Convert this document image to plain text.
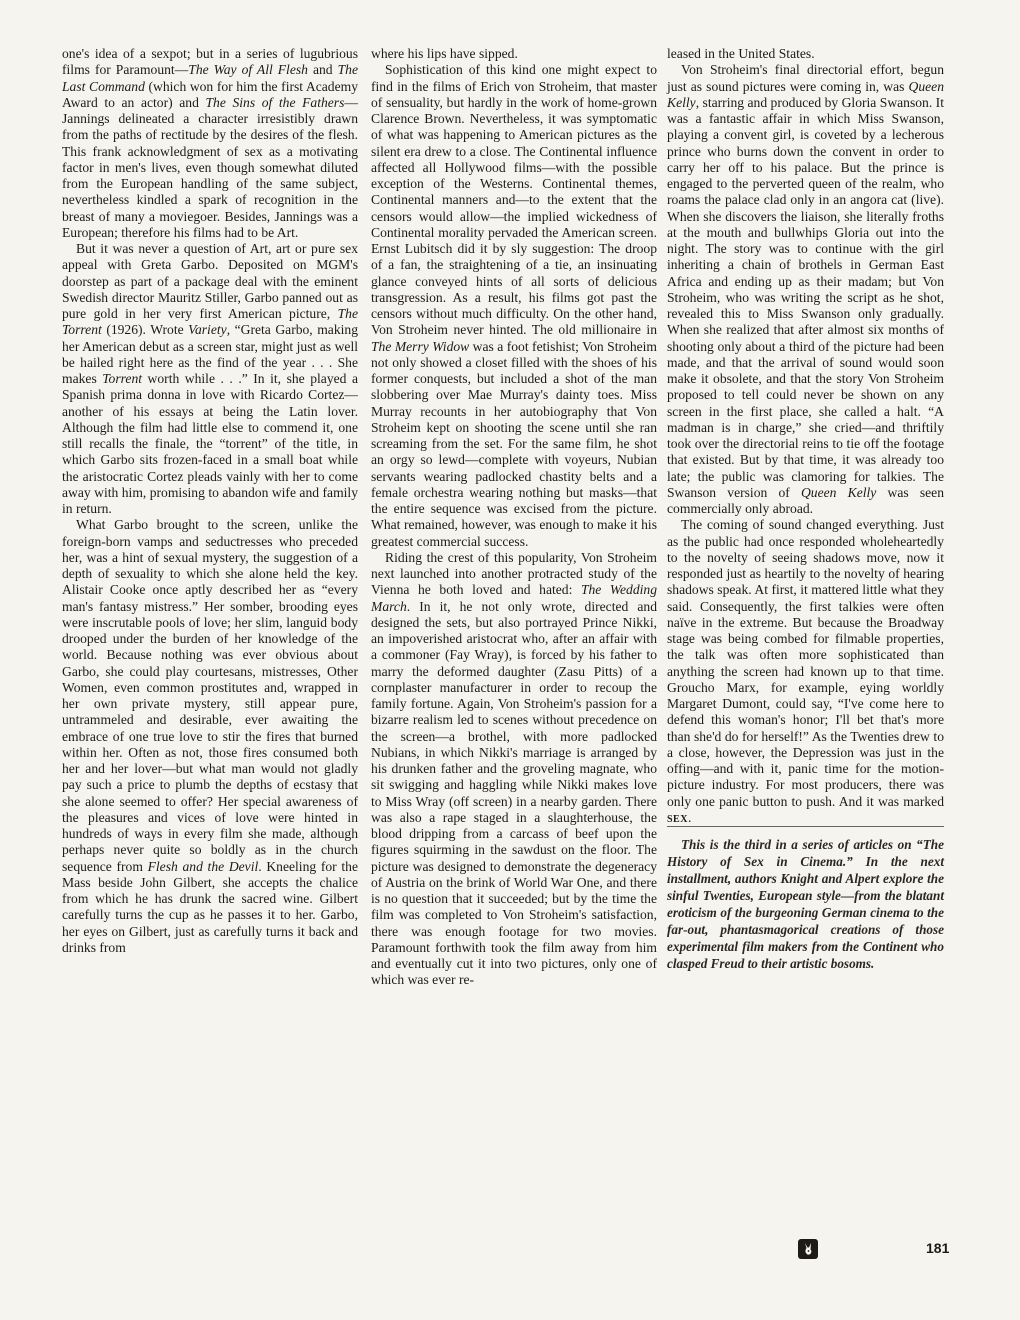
one's idea of a sexpot; but in a series of lugubrious films for Paramount—The Way of All Flesh and The Last Command (which won for him the first Academy Award to an actor) and The Sins of the Fathers—Jannings delineated a character irresistibly drawn from the paths of rectitude by the desires of the flesh. This frank acknowledgment of sex as a motivating factor in men's lives, even though somewhat diluted from the European handling of the same subject, nevertheless kindled a spark of recognition in the breast of many a moviegoer. Besides, Jannings was a European; therefore his films had to be Art.

But it was never a question of Art, art or pure sex appeal with Greta Garbo. Deposited on MGM's doorstep as part of a package deal with the eminent Swedish director Mauritz Stiller, Garbo panned out as pure gold in her very first American picture, The Torrent (1926). Wrote Variety, “Greta Garbo, making her American debut as a screen star, might just as well be hailed right here as the find of the year . . . She makes Torrent worth while . . .” In it, she played a Spanish prima donna in love with Ricardo Cortez—another of his essays at being the Latin lover. Although the film had little else to commend it, one still recalls the finale, the “torrent” of the title, in which Garbo sits frozen-faced in a small boat while the aristocratic Cortez pleads vainly with her to come away with him, promising to abandon wife and family in return.

What Garbo brought to the screen, unlike the foreign-born vamps and seductresses who preceded her, was a hint of sexual mystery, the suggestion of a depth of sexuality to which she alone held the key. Alistair Cooke once aptly described her as “every man's fantasy mistress.” Her somber, brooding eyes were inscrutable pools of love; her slim, languid body drooped under the burden of her knowledge of the world. Because nothing was ever obvious about Garbo, she could play courtesans, mistresses, Other Women, even common prostitutes and, wrapped in her own private mystery, still appear pure, untrammeled and desirable, ever awaiting the embrace of one true love to stir the fires that burned within her. Often as not, those fires consumed both her and her lover—but what man would not gladly pay such a price to plumb the depths of ecstasy that she alone seemed to offer? Her special awareness of the pleasures and vices of love were hinted in hundreds of ways in every film she made, although perhaps never quite so boldly as in the church sequence from Flesh and the Devil. Kneeling for the Mass beside John Gilbert, she accepts the chalice from which he has drunk the sacred wine. Gilbert carefully turns the cup as he passes it to her. Garbo, her eyes on Gilbert, just as carefully turns it back and drinks from

where his lips have sipped.

Sophistication of this kind one might expect to find in the films of Erich von Stroheim, that master of sensuality, but hardly in the work of home-grown Clarence Brown. Nevertheless, it was symptomatic of what was happening to American pictures as the silent era drew to a close. The Continental influence affected all Hollywood films—with the possible exception of the Westerns. Continental themes, Continental manners and—to the extent that the censors would allow—the implied wickedness of Continental morality pervaded the American screen. Ernst Lubitsch did it by sly suggestion: The droop of a fan, the straightening of a tie, an insinuating glance conveyed hints of all sorts of delicious transgression. As a result, his films got past the censors without much difficulty. On the other hand, Von Stroheim never hinted. The old millionaire in The Merry Widow was a foot fetishist; Von Stroheim not only showed a closet filled with the shoes of his former conquests, but included a shot of the man slobbering over Mae Murray's dainty toes. Miss Murray recounts in her autobiography that Von Stroheim kept on shooting the scene until she ran screaming from the set. For the same film, he shot an orgy so lewd—complete with voyeurs, Nubian servants wearing padlocked chastity belts and a female orchestra wearing nothing but masks—that the entire sequence was excised from the picture. What remained, however, was enough to make it his greatest commercial success.

Riding the crest of this popularity, Von Stroheim next launched into another protracted study of the Vienna he both loved and hated: The Wedding March. In it, he not only wrote, directed and designed the sets, but also portrayed Prince Nikki, an impoverished aristocrat who, after an affair with a commoner (Fay Wray), is forced by his father to marry the deformed daughter (Zasu Pitts) of a cornplaster manufacturer in order to recoup the family fortune. Again, Von Stroheim's passion for a bizarre realism led to scenes without precedence on the screen—a brothel, with more padlocked Nubians, in which Nikki's marriage is arranged by his drunken father and the groveling magnate, who sit swigging and haggling while Nikki makes love to Miss Wray (off screen) in a nearby garden. There was also a rape staged in a slaughterhouse, the blood dripping from a carcass of beef upon the figures squirming in the sawdust on the floor. The picture was designed to demonstrate the degeneracy of Austria on the brink of World War One, and there is no question that it succeeded; but by the time the film was completed to Von Stroheim's satisfaction, there was enough footage for two movies. Paramount forthwith took the film away from him and eventually cut it into two pictures, only one of which was ever re-

leased in the United States.

Von Stroheim's final directorial effort, begun just as sound pictures were coming in, was Queen Kelly, starring and produced by Gloria Swanson. It was a fantastic affair in which Miss Swanson, playing a convent girl, is coveted by a lecherous prince who burns down the convent in order to carry her off to his palace. But the prince is engaged to the perverted queen of the realm, who roams the palace clad only in an angora cat (live). When she discovers the liaison, she literally froths at the mouth and bullwhips Gloria out into the night. The story was to continue with the girl inheriting a chain of brothels in German East Africa and ending up as their madam; but Von Stroheim, who was writing the script as he shot, revealed this to Miss Swanson only gradually. When she realized that after almost six months of shooting only about a third of the picture had been made, and that the arrival of sound would soon make it obsolete, and that the story Von Stroheim proposed to tell could never be shown on any screen in the first place, she called a halt. “A madman is in charge,” she cried—and thriftily took over the directorial reins to tie off the footage that existed. But by that time, it was already too late; the public was clamoring for talkies. The Swanson version of Queen Kelly was seen commercially only abroad.

The coming of sound changed everything. Just as the public had once responded wholeheartedly to the novelty of seeing shadows move, now it responded just as heartily to the novelty of hearing shadows speak. At first, it mattered little what they said. Consequently, the first talkies were often naïve in the extreme. But because the Broadway stage was being combed for filmable properties, the talk was often more sophisticated than anything the screen had known up to that time. Groucho Marx, for example, eying worldly Margaret Dumont, could say, “I've come here to defend this woman's honor; I'll bet that's more than she'd do for herself!” As the Twenties drew to a close, however, the Depression was just in the offing—and with it, panic time for the motion-picture industry. For most producers, there was only one panic button to push. And it was marked sex.

This is the third in a series of articles on “The History of Sex in Cinema.” In the next installment, authors Knight and Alpert explore the sinful Twenties, European style—from the blatant eroticism of the burgeoning German cinema to the far-out, phantasmagorical creations of those experimental film makers from the Continent who clasped Freud to their artistic bosoms.

181
